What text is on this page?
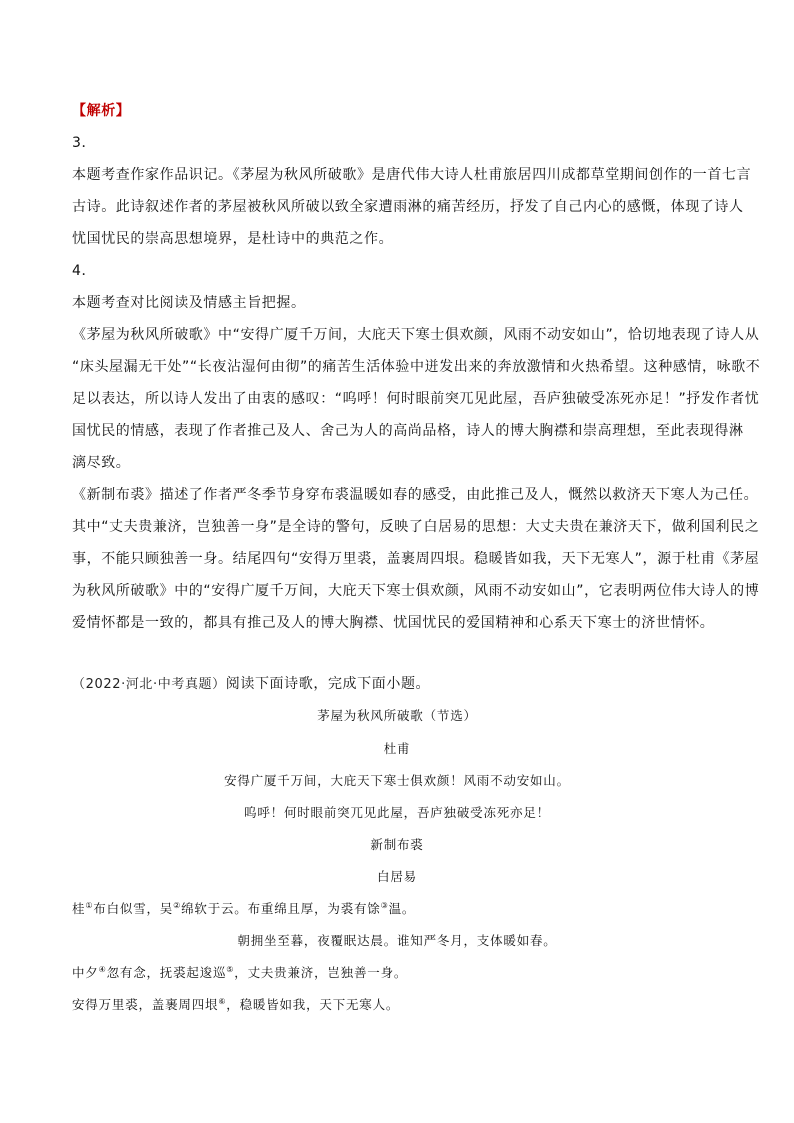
【解析】
3．
本题考查作家作品识记。《茅屋为秋风所破歌》是唐代伟大诗人杜甫旅居四川成都草堂期间创作的一首七言
古诗。此诗叙述作者的茅屋被秋风所破以致全家遭雨淋的痛苦经历，抒发了自己内心的感慨，体现了诗人
忧国忧民的崇高思想境界，是杜诗中的典范之作。
4．
本题考查对比阅读及情感主旨把握。
《茅屋为秋风所破歌》中“安得广厦千万间，大庇天下寒士俱欢颜，风雨不动安如山”，恰切地表现了诗人从
“床头屋漏无干处”“长夜沾湿何由彻”的痛苦生活体验中迸发出来的奔放激情和火热希望。这种感情，咏歌不
足以表达，所以诗人发出了由衷的感叹：“呜呼！何时眼前突兀见此屋，吾庐独破受冻死亦足！”抒发作者忧
国忧民的情感，表现了作者推己及人、舍己为人的高尚品格，诗人的博大胸襟和崇高理想，至此表现得淋
漓尽致。
《新制布裘》描述了作者严冬季节身穿布裘温暖如春的感受，由此推己及人，慨然以救济天下寒人为己任。
其中“丈夫贵兼济，岂独善一身”是全诗的警句，反映了白居易的思想：大丈夫贵在兼济天下，做利国利民之
事，不能只顾独善一身。结尾四句“安得万里裘，盖裹周四垠。稳暖皆如我，天下无寒人”，源于杜甫《茅屋
为秋风所破歌》中的“安得广厦千万间，大庇天下寒士俱欢颜，风雨不动安如山”，它表明两位伟大诗人的博
爱情怀都是一致的，都具有推己及人的博大胸襟、忧国忧民的爱国精神和心系天下寒士的济世情怀。
（2022·河北·中考真题）阅读下面诗歌，完成下面小题。
茅屋为秋风所破歌（节选）
杜甫
安得广厦千万间，大庇天下寒士俱欢颜！风雨不动安如山。
呜呼！何时眼前突兀见此屋，吾庐独破受冻死亦足！
新制布裘
白居易
桂①布白似雪，吴②绵软于云。布重绵且厚，为裘有馀③温。
朝拥坐至暮，夜覆眠达晨。谁知严冬月，支体暖如春。
中夕④忽有念，抚裘起逡巡⑤，丈夫贵兼济，岂独善一身。
安得万里裘，盖裹周四垠⑥，稳暖皆如我，天下无寒人。
